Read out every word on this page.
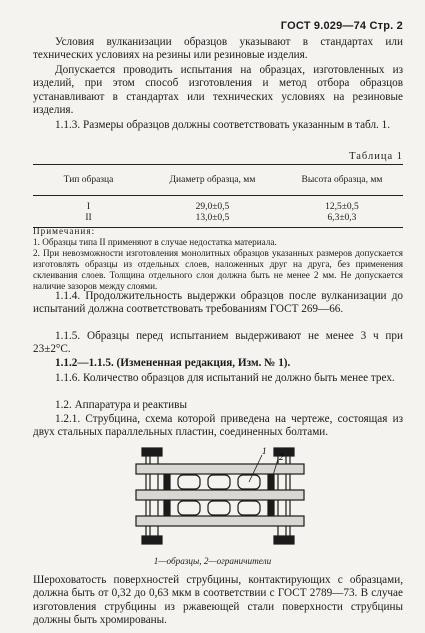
ГОСТ 9.029—74 Стр. 2

Условия вулканизации образцов указывают в стандартах или технических условиях на резины или резиновые изделия.

Допускается проводить испытания на образцах, изготовленных из изделий, при этом способ изготовления и метод отбора образцов устанавливают в стандартах или технических условиях на резиновые изделия.

1.1.3. Размеры образцов должны соответствовать указанным в табл. 1.

Таблица 1
Тип образца	Диаметр образца, мм	Высота образца, мм

I	29,0±0,5	12,5±0,5
II	13,0±0,5	6,3±0,3

Примечания:

1. Образцы типа II применяют в случае недостатка материала.

2. При невозможности изготовления монолитных образцов указанных размеров допускается изготовлять образцы из отдельных слоев, наложенных друг на друга, без применения склеивания слоев. Толщина отдельного слоя должна быть не менее 2 мм. Не допускается наличие зазоров между слоями.

1.1.4. Продолжительность выдержки образцов после вулканизации до испытаний должна соответствовать требованиям ГОСТ 269—66.

1.1.5. Образцы перед испытанием выдерживают не менее 3 ч при 23±2°C.

1.1.2—1.1.5. (Измененная редакция, Изм. № 1).

1.1.6. Количество образцов для испытаний не должно быть менее трех.

1.2. Аппаратура и реактивы

1.2.1. Струбцина, схема которой приведена на чертеже, состоящая из двух стальных параллельных пластин, соединенных болтами.

1
2
1—образцы, 2—ограничители

Шероховатость поверхностей струбцины, контактирующих с образцами, должна быть от 0,32 до 0,63 мкм в соответствии с ГОСТ 2789—73. В случае изготовления струбцины из ржавеющей стали поверхности струбцины должны быть хромированы.
